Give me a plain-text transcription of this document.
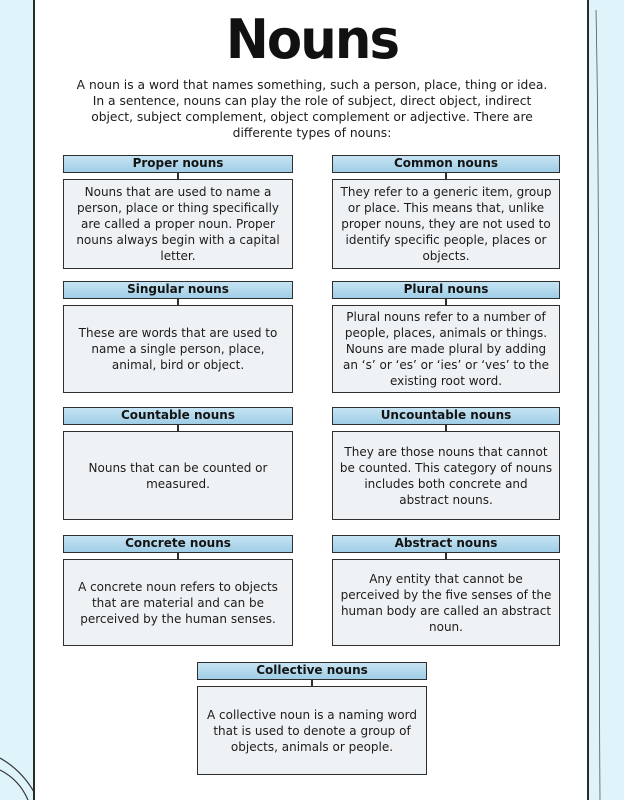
Nouns
A noun is a word that names something, such a person, place, thing or idea. In a sentence, nouns can play the role of subject, direct object, indirect object, subject complement, object complement or adjective. There are differente types of nouns:
Proper nouns
Nouns that are used to name a person, place or thing specifically are called a proper noun. Proper nouns always begin with a capital letter.
Common nouns
They refer to a generic item, group or place. This means that, unlike proper nouns, they are not used to identify specific people, places or objects.
Singular nouns
These are words that are used to name a single person, place, animal, bird or object.
Plural nouns
Plural nouns refer to a number of people, places, animals or things. Nouns are made plural by adding an ‘s’ or ‘es’ or ‘ies’ or ‘ves’ to the existing root word.
Countable nouns
Nouns that can be counted or measured.
Uncountable nouns
They are those nouns that cannot be counted. This category of nouns includes both concrete and abstract nouns.
Concrete nouns
A concrete noun refers to objects that are material and can be perceived by the human senses.
Abstract nouns
Any entity that cannot be perceived by the five senses of the human body are called an abstract noun.
Collective nouns
A collective noun is a naming word that is used to denote a group of objects, animals or people.
